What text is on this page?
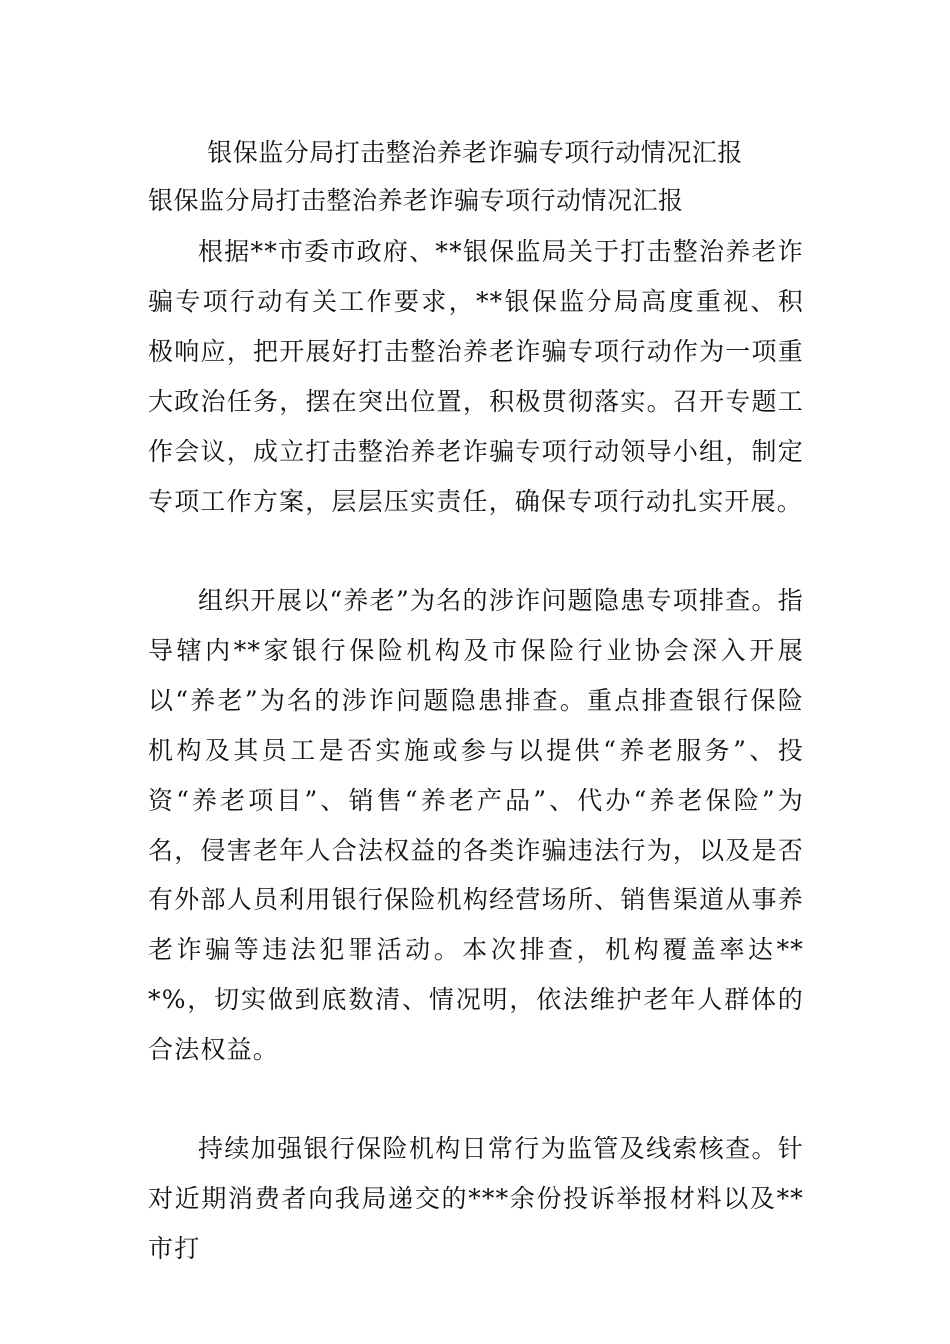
银保监分局打击整治养老诈骗专项行动情况汇报
银保监分局打击整治养老诈骗专项行动情况汇报

根据**市委市政府、**银保监局关于打击整治养老诈骗专项行动有关工作要求，**银保监分局高度重视、积极响应，把开展好打击整治养老诈骗专项行动作为一项重大政治任务，摆在突出位置，积极贯彻落实。召开专题工作会议，成立打击整治养老诈骗专项行动领导小组，制定专项工作方案，层层压实责任，确保专项行动扎实开展。

组织开展以“养老”为名的涉诈问题隐患专项排查。指导辖内**家银行保险机构及市保险行业协会深入开展以“养老”为名的涉诈问题隐患排查。重点排查银行保险机构及其员工是否实施或参与以提供“养老服务”、投资“养老项目”、销售“养老产品”、代办“养老保险”为名，侵害老年人合法权益的各类诈骗违法行为，以及是否有外部人员利用银行保险机构经营场所、销售渠道从事养老诈骗等违法犯罪活动。本次排查，机构覆盖率达***%，切实做到底数清、情况明，依法维护老年人群体的合法权益。

持续加强银行保险机构日常行为监管及线索核查。针对近期消费者向我局递交的***余份投诉举报材料以及**市打
